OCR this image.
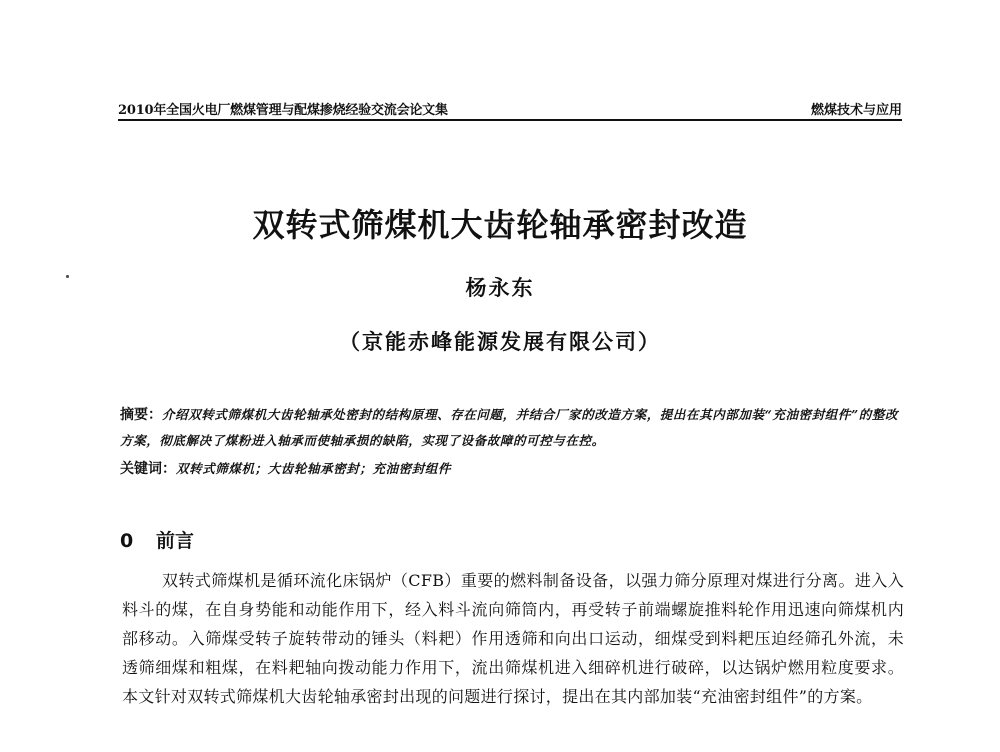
2010年全国火电厂燃煤管理与配煤掺烧经验交流会论文集	燃煤技术与应用
双转式筛煤机大齿轮轴承密封改造
杨永东
（京能赤峰能源发展有限公司）
摘要：介绍双转式筛煤机大齿轮轴承处密封的结构原理、存在问题，并结合厂家的改造方案，提出在其内部加装“充油密封组件”的整改方案，彻底解决了煤粉进入轴承而使轴承损的缺陷，实现了设备故障的可控与在控。
关键词：双转式筛煤机；大齿轮轴承密封；充油密封组件
0 前言
双转式筛煤机是循环流化床锅炉（CFB）重要的燃料制备设备，以强力筛分原理对煤进行分离。进入入料斗的煤，在自身势能和动能作用下，经入料斗流向筛筒内，再受转子前端螺旋推料轮作用迅速向筛煤机内部移动。入筛煤受转子旋转带动的锤头（料耙）作用透筛和向出口运动，细煤受到料耙压迫经筛孔外流，未透筛细煤和粗煤，在料耙轴向拨动能力作用下，流出筛煤机进入细碎机进行破碎，以达锅炉燃用粒度要求。本文针对双转式筛煤机大齿轮轴承密封出现的问题进行探讨，提出在其内部加装“充油密封组件”的方案。
